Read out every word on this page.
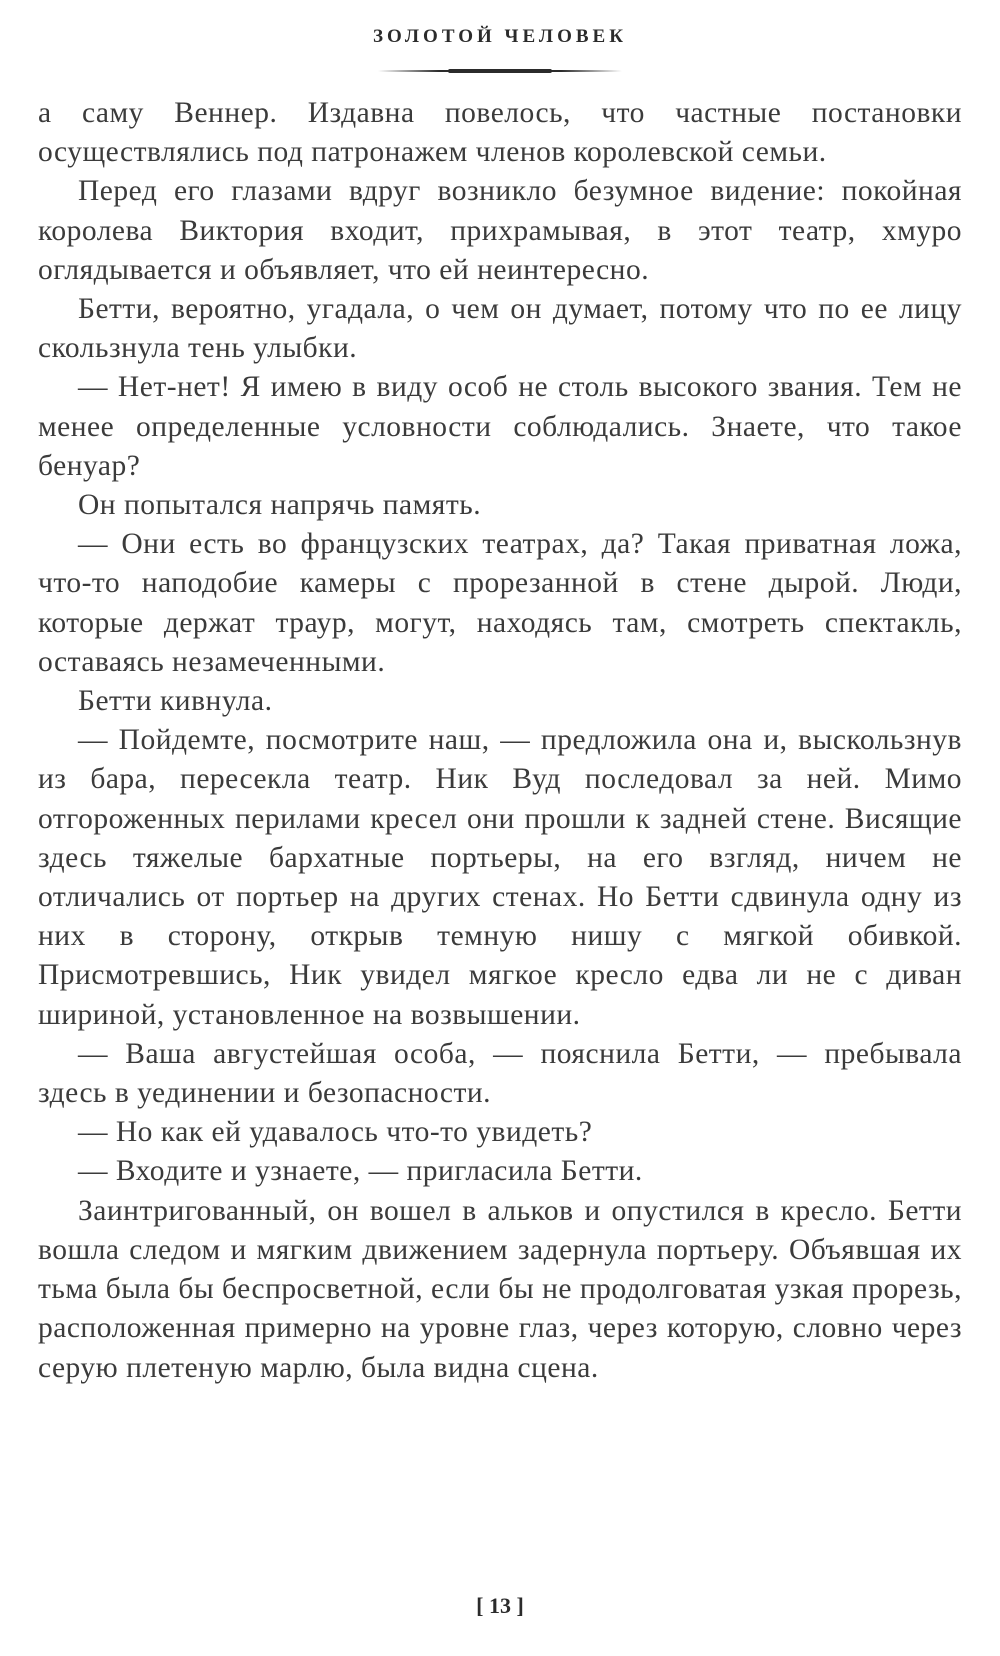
ЗОЛОТОЙ ЧЕЛОВЕК

а саму Веннер. Издавна повелось, что частные постановки осуществлялись под патронажем членов королевской семьи.

Перед его глазами вдруг возникло безумное видение: покойная королева Виктория входит, прихрамывая, в этот театр, хмуро оглядывается и объявляет, что ей неинтересно.

Бетти, вероятно, угадала, о чем он думает, потому что по ее лицу скользнула тень улыбки.

— Нет-нет! Я имею в виду особ не столь высокого звания. Тем не менее определенные условности соблюдались. Знаете, что такое бенуар?

Он попытался напрячь память.

— Они есть во французских театрах, да? Такая приватная ложа, что-то наподобие камеры с прорезанной в стене дырой. Люди, которые держат траур, могут, находясь там, смотреть спектакль, оставаясь незамеченными.

Бетти кивнула.

— Пойдемте, посмотрите наш, — предложила она и, выскользнув из бара, пересекла театр. Ник Вуд последовал за ней. Мимо отгороженных перилами кресел они прошли к задней стене. Висящие здесь тяжелые бархатные портьеры, на его взгляд, ничем не отличались от портьер на других стенах. Но Бетти сдвинула одну из них в сторону, открыв темную нишу с мягкой обивкой. Присмотревшись, Ник увидел мягкое кресло едва ли не с диван шириной, установленное на возвышении.

— Ваша августейшая особа, — пояснила Бетти, — пребывала здесь в уединении и безопасности.

— Но как ей удавалось что-то увидеть?

— Входите и узнаете, — пригласила Бетти.

Заинтригованный, он вошел в альков и опустился в кресло. Бетти вошла следом и мягким движением задернула портьеру. Объявшая их тьма была бы беспросветной, если бы не продолговатая узкая прорезь, расположенная примерно на уровне глаз, через которую, словно через серую плетеную марлю, была видна сцена.

[ 13 ]
